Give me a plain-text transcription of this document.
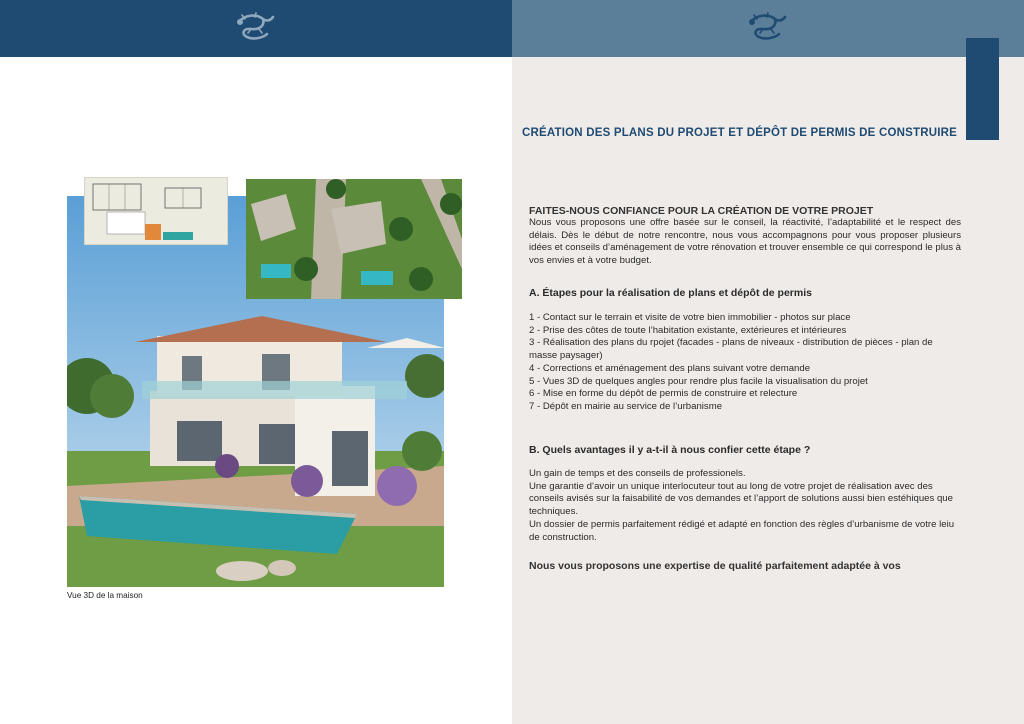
CRÉATION DES PLANS DU PROJET ET DÉPÔT DE PERMIS DE CONSTRUIRE
FAITES-NOUS CONFIANCE POUR LA CRÉATION DE VOTRE PROJET
Nous vous proposons une offre basée sur le conseil, la réactivité, l’adaptabilité et le respect des délais. Dès le début de notre rencontre, nous vous accompagnons pour vous proposer plusieurs idées et conseils d’aménagement de votre rénovation et trouver ensemble ce qui correspond le plus à vos envies et à votre budget.
A. Étapes pour la réalisation de plans et dépôt de permis
1 - Contact sur le terrain et visite de votre bien immobilier - photos sur place
2 - Prise des côtes de toute l’habitation existante, extérieures et intérieures
3 - Réalisation des plans du rpojet (facades - plans de niveaux - distribution de pièces - plan de masse paysager)
4 - Corrections et aménagement des plans suivant votre demande
5 - Vues 3D de quelques angles pour rendre plus facile la visualisation du projet
6 - Mise en forme du dépôt de permis de construire et relecture
7 - Dépôt en mairie au service de l’urbanisme
B. Quels avantages il y a-t-il à nous confier cette étape ?
Un gain de temps et des conseils de professionels.
Une garantie d’avoir un unique interlocuteur tout au long de votre projet de réalisation avec des conseils avisés sur la faisabilité de vos demandes et l’apport de solutions aussi bien estéhiques que techniques.
Un dossier de permis parfaitement rédigé et adapté en fonction des règles d’urbanisme de votre leiu de construction.
Nous vous proposons une expertise de qualité parfaitement adaptée à vos
Vue 3D de la maison
